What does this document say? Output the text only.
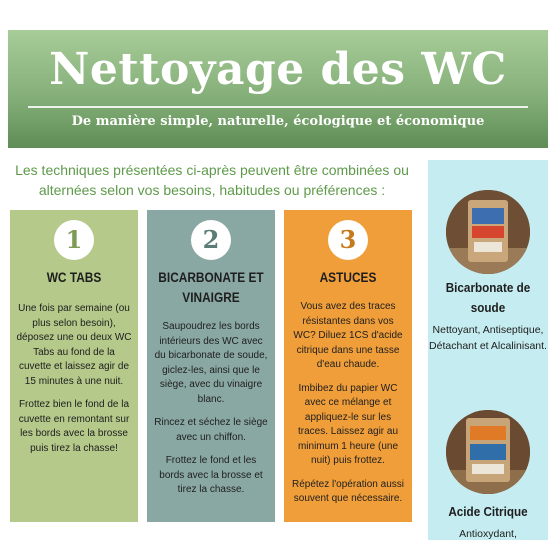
Nettoyage des WC
De manière simple, naturelle, écologique et économique
Les techniques présentées ci-après peuvent être combinées ou alternées selon vos besoins, habitudes ou préférences :
1
WC TABS

Une fois par semaine (ou plus selon besoin), déposez une ou deux WC Tabs au fond de la cuvette et laissez agir de 15 minutes à une nuit.

Frottez bien le fond de la cuvette en remontant sur les bords avec la brosse puis tirez la chasse!

2
BICARBONATE ET VINAIGRE

Saupoudrez les bords intérieurs des WC avec du bicarbonate de soude, giclez-les, ainsi que le siège, avec du vinaigre blanc.

Rincez et séchez le siège avec un chiffon.

Frottez le fond et les bords avec la brosse et tirez la chasse.

3
ASTUCES

Vous avez des traces résistantes dans vos WC? Diluez 1CS d'acide citrique dans une tasse d'eau chaude.

Imbibez du papier WC avec ce mélange et appliquez-le sur les traces. Laissez agir au minimum 1 heure (une nuit) puis frottez.

Répétez l'opération aussi souvent que nécessaire.

Bicarbonate de soude
Nettoyant, Antiseptique, Détachant et Alcalinisant.
Acide Citrique
Antioxydant,
